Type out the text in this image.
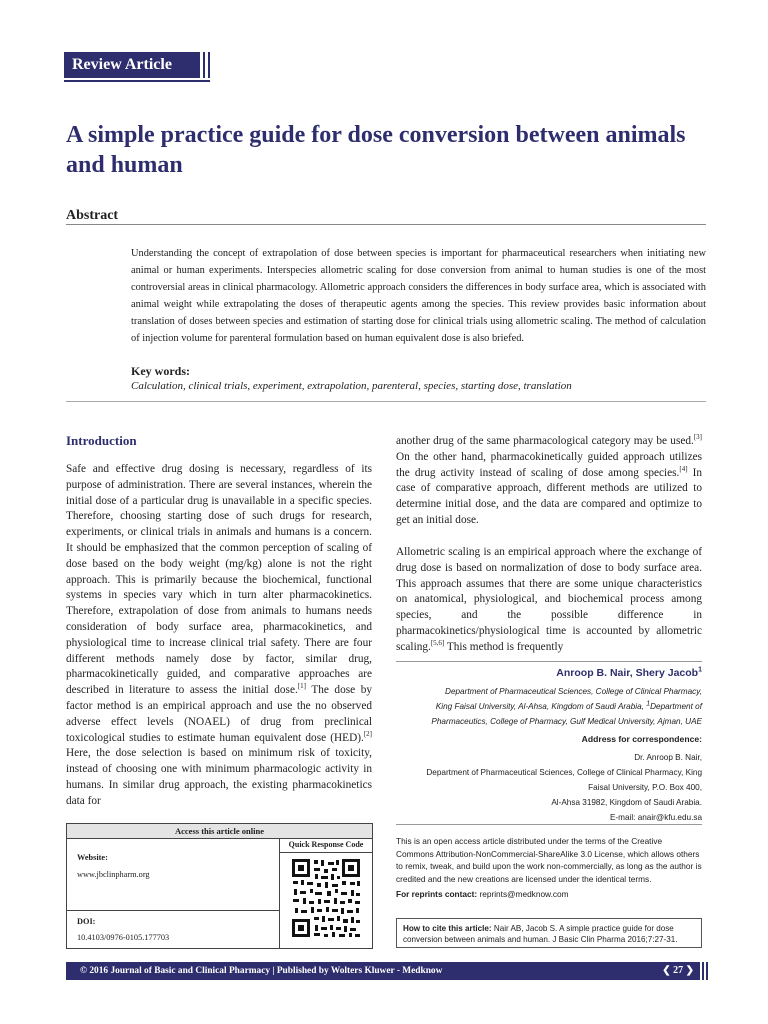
Review Article
A simple practice guide for dose conversion between animals and human
Abstract
Understanding the concept of extrapolation of dose between species is important for pharmaceutical researchers when initiating new animal or human experiments. Interspecies allometric scaling for dose conversion from animal to human studies is one of the most controversial areas in clinical pharmacology. Allometric approach considers the differences in body surface area, which is associated with animal weight while extrapolating the doses of therapeutic agents among the species. This review provides basic information about translation of doses between species and estimation of starting dose for clinical trials using allometric scaling. The method of calculation of injection volume for parenteral formulation based on human equivalent dose is also briefed.
Key words:
Calculation, clinical trials, experiment, extrapolation, parenteral, species, starting dose, translation
Introduction
Safe and effective drug dosing is necessary, regardless of its purpose of administration. There are several instances, wherein the initial dose of a particular drug is unavailable in a specific species. Therefore, choosing starting dose of such drugs for research, experiments, or clinical trials in animals and humans is a concern. It should be emphasized that the common perception of scaling of dose based on the body weight (mg/kg) alone is not the right approach. This is primarily because the biochemical, functional systems in species vary which in turn alter pharmacokinetics. Therefore, extrapolation of dose from animals to humans needs consideration of body surface area, pharmacokinetics, and physiological time to increase clinical trial safety. There are four different methods namely dose by factor, similar drug, pharmacokinetically guided, and comparative approaches are described in literature to assess the initial dose.[1] The dose by factor method is an empirical approach and use the no observed adverse effect levels (NOAEL) of drug from preclinical toxicological studies to estimate human equivalent dose (HED).[2] Here, the dose selection is based on minimum risk of toxicity, instead of choosing one with minimum pharmacologic activity in humans. In similar drug approach, the existing pharmacokinetics data for
another drug of the same pharmacological category may be used.[3] On the other hand, pharmacokinetically guided approach utilizes the drug activity instead of scaling of dose among species.[4] In case of comparative approach, different methods are utilized to determine initial dose, and the data are compared and optimize to get an initial dose.
Allometric scaling is an empirical approach where the exchange of drug dose is based on normalization of dose to body surface area. This approach assumes that there are some unique characteristics on anatomical, physiological, and biochemical process among species, and the possible difference in pharmacokinetics/physiological time is accounted by allometric scaling.[5,6] This method is frequently
Anroop B. Nair, Shery Jacob$^1$
Department of Pharmaceutical Sciences, College of Clinical Pharmacy,
King Faisal University, Al-Ahsa, Kingdom of Saudi Arabia, $^1$Department of
Pharmaceutics, College of Pharmacy, Gulf Medical University, Ajman, UAE
Address for correspondence:
Dr. Anroop B. Nair,
Department of Pharmaceutical Sciences, College of Clinical Pharmacy, King
Faisal University, P.O. Box 400,
Al-Ahsa 31982, Kingdom of Saudi Arabia.
E-mail: anair@kfu.edu.sa
This is an open access article distributed under the terms of the Creative Commons Attribution-NonCommercial-ShareAlike 3.0 License, which allows others to remix, tweak, and build upon the work non-commercially, as long as the author is credited and the new creations are licensed under the identical terms.
For reprints contact: reprints@medknow.com
How to cite this article: Nair AB, Jacob S. A simple practice guide for dose conversion between animals and human. J Basic Clin Pharma 2016;7:27-31.
Access this article online
Quick Response Code
Website:
www.jbclinpharm.org
DOI:
10.4103/0976-0105.177703
© 2016 Journal of Basic and Clinical Pharmacy | Published by Wolters Kluwer - Medknow	❮ 27 ❯
